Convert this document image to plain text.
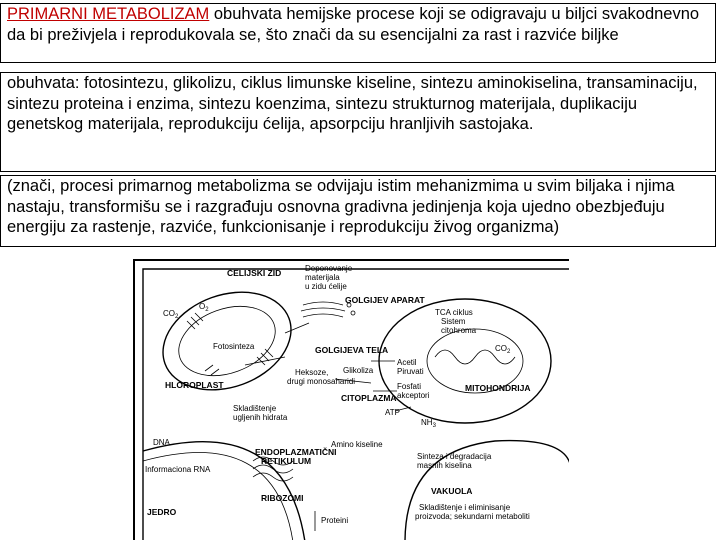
PRIMARNI METABOLIZAM obuhvata hemijske procese koji se odigravaju u biljci svakodnevno da bi preživjela i reprodukovala se, što znači da su esencijalni za rast i razviće biljke

obuhvata: fotosintezu, glikolizu, ciklus limunske kiseline, sintezu aminokiselina, transaminaciju, sintezu proteina i enzima, sintezu koenzima, sintezu strukturnog materijala, duplikaciju genetskog materijala, reprodukciju ćelija, apsorpciju hranljivih sastojaka.

(znači, procesi primarnog metabolizma se odvijaju istim mehanizmima u svim biljaka i njima nastaju, transformišu se i razgrađuju osnovna gradivna jedinjenja koja ujedno obezbjeđuju energiju za rastenje, razviće, funkcionisanje i reprodukciju živog organizma)

ĆELIJSKI ZID	Deponovanje
materijala
u zidu ćelije
GOLGIJEV APARAT
$CO_2$
$O_2$
Fotosinteza	GOLGIJEVA TELA
TCA ciklus
Sistem
citohroma
$CO_2$
Heksoze,
drugi monosaharidi
Glikoliza
Acetil
Piruvati
Fosfati
akceptori
HLOROPLAST	MITOHONDRIJA
CITOPLAZMA
Skladištenje
ugljenih hidrata
ATP
$NH_3$
DNA	Amino kiseline
ENDOPLAZMATIČNI
RETIKULUM	Sinteza i degradacija
masnih kiselina
Informaciona RNA
VAKUOLA
RIBOZOMI
JEDRO	Skladištenje i eliminisanje
proizvoda; sekundarni metaboliti
Proteini
